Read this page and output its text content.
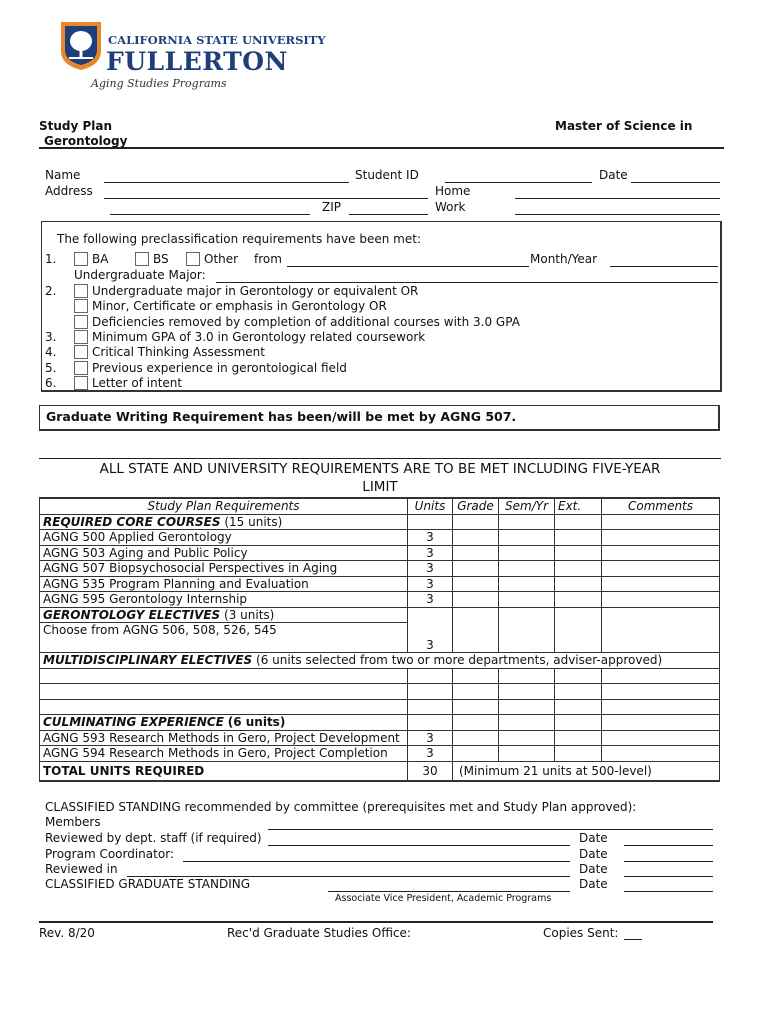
CALIFORNIA STATE UNIVERSITY
FULLERTON
Aging Studies Programs
Study Plan
Gerontology
Master of Science in
Name	Student ID	Date
Address	Home
ZIP	Work
The following preclassification requirements have been met:
1.	BA	BS	Other from	Month/Year
Undergraduate Major:
2.	Undergraduate major in Gerontology or equivalent OR
Minor, Certificate or emphasis in Gerontology OR
Deficiencies removed by completion of additional courses with 3.0 GPA
3.	Minimum GPA of 3.0 in Gerontology related coursework
4.	Critical Thinking Assessment
5.	Previous experience in gerontological field
6.	Letter of intent
Graduate Writing Requirement has been/will be met by AGNG 507.
ALL STATE AND UNIVERSITY REQUIREMENTS ARE TO BE MET INCLUDING FIVE-YEAR
LIMIT
Study Plan Requirements	Units	Grade	Sem/Yr	Ext.	Comments
REQUIRED CORE COURSES (15 units)					
AGNG 500 Applied Gerontology	3				
AGNG 503 Aging and Public Policy	3				
AGNG 507 Biopsychosocial Perspectives in Aging	3				
AGNG 535 Program Planning and Evaluation	3				
AGNG 595 Gerontology Internship	3				
GERONTOLOGY ELECTIVES (3 units)					
Choose from AGNG 506, 508, 526, 545					
	3				
MULTIDISCIPLINARY ELECTIVES (6 units selected from two or more departments, adviser-approved)					

CULMINATING EXPERIENCE (6 units)					
AGNG 593 Research Methods in Gero, Project Development	3				
AGNG 594 Research Methods in Gero, Project Completion	3				
TOTAL UNITS REQUIRED	30	(Minimum 21 units at 500-level)			
CLASSIFIED STANDING recommended by committee (prerequisites met and Study Plan approved):
Members
Reviewed by dept. staff (if required)	Date
Program Coordinator:	Date
Reviewed in	Date
CLASSIFIED GRADUATE STANDING	Date
Associate Vice President, Academic Programs
Rev. 8/20	Rec'd Graduate Studies Office:	Copies Sent:
